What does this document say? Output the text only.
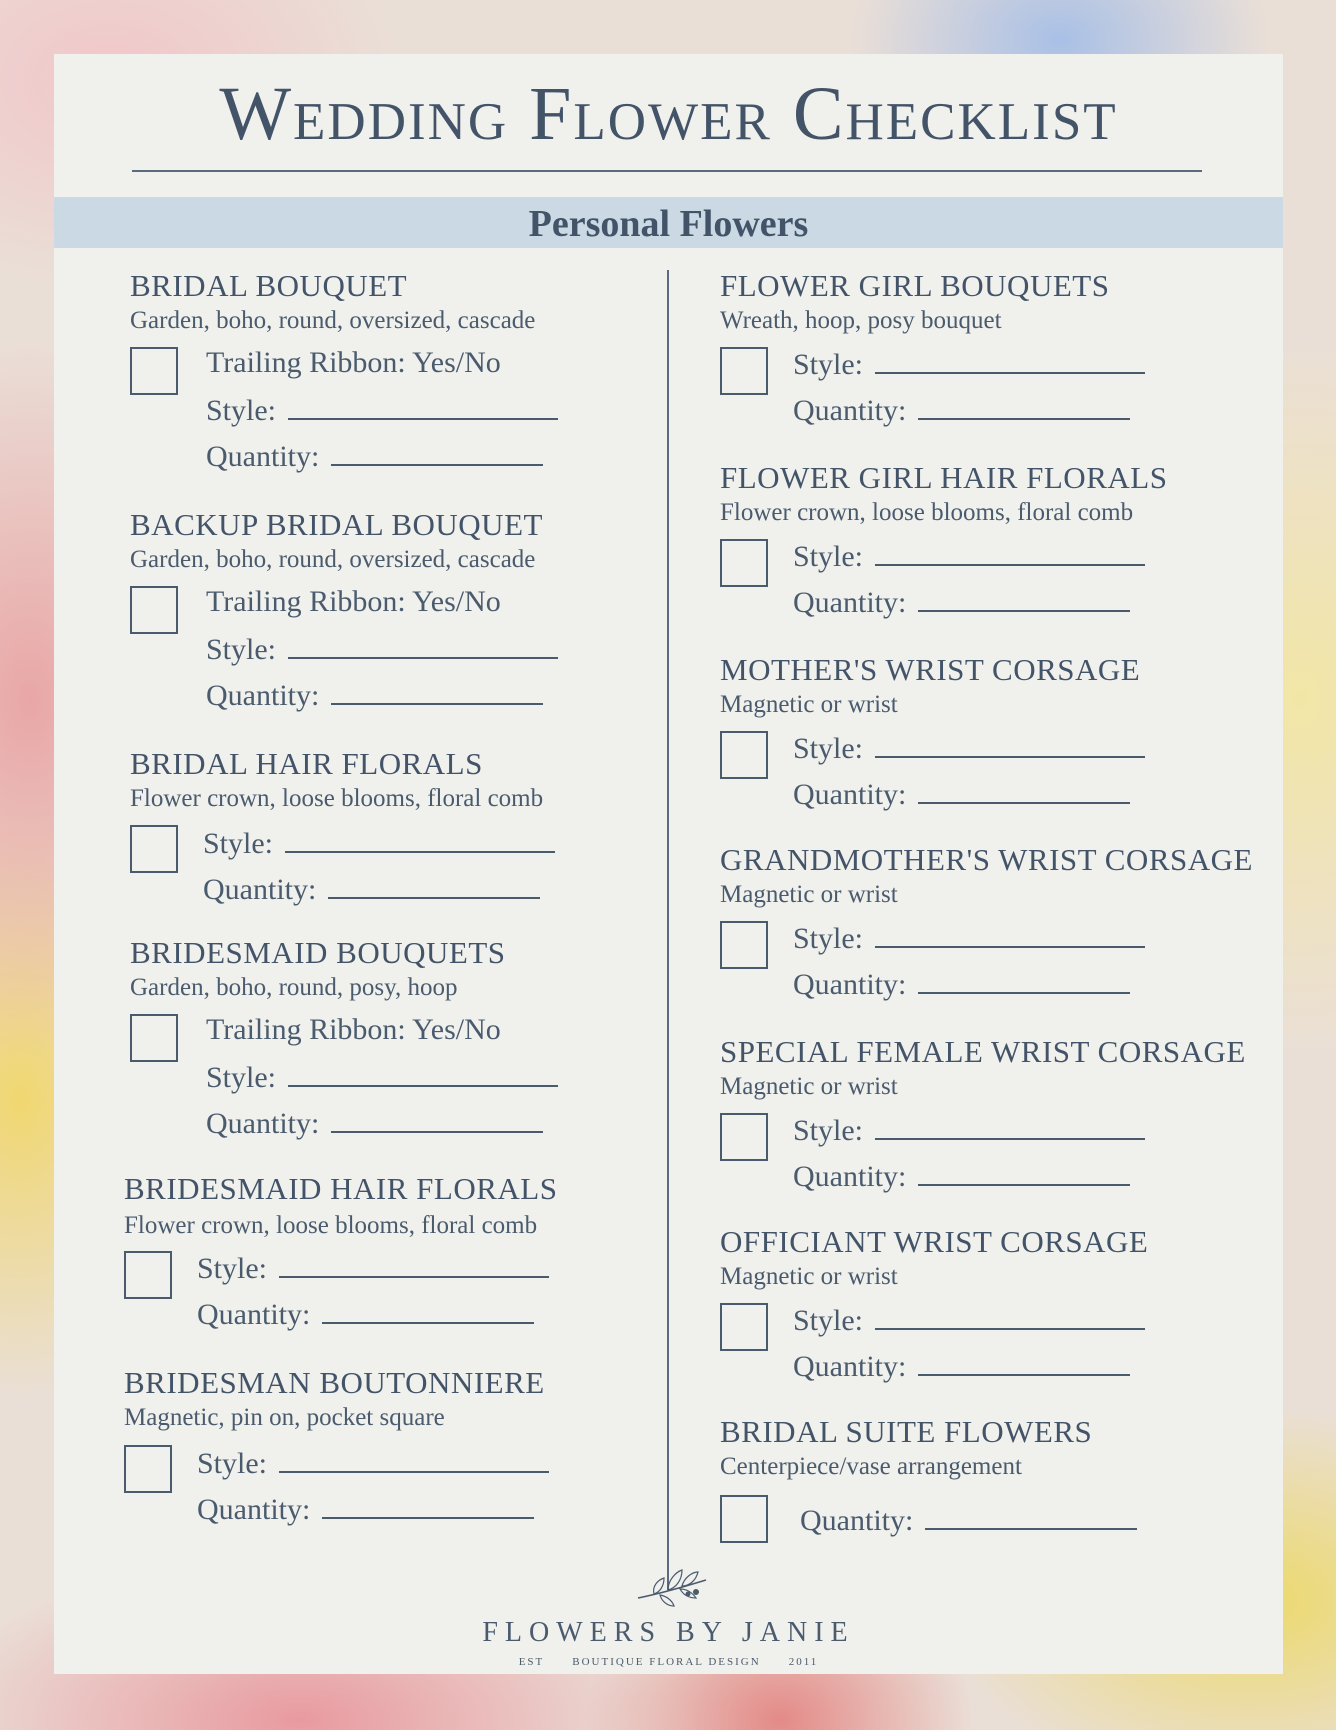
Wedding Flower Checklist
Personal Flowers
BRIDAL BOUQUET
Garden, boho, round, oversized, cascade
Trailing Ribbon: Yes/No
Style:
Quantity:
BACKUP BRIDAL BOUQUET
Garden, boho, round, oversized, cascade
Trailing Ribbon: Yes/No
Style:
Quantity:
BRIDAL HAIR FLORALS
Flower crown, loose blooms, floral comb
Style:
Quantity:
BRIDESMAID BOUQUETS
Garden, boho, round, posy, hoop
Trailing Ribbon: Yes/No
Style:
Quantity:
BRIDESMAID HAIR FLORALS
Flower crown, loose blooms, floral comb
Style:
Quantity:
BRIDESMAN BOUTONNIERE
Magnetic, pin on, pocket square
Style:
Quantity:
FLOWER GIRL BOUQUETS
Wreath, hoop, posy bouquet
Style:
Quantity:
FLOWER GIRL HAIR FLORALS
Flower crown, loose blooms, floral comb
Style:
Quantity:
MOTHER'S WRIST CORSAGE
Magnetic or wrist
Style:
Quantity:
GRANDMOTHER'S WRIST CORSAGE
Magnetic or wrist
Style:
Quantity:
SPECIAL FEMALE WRIST CORSAGE
Magnetic or wrist
Style:
Quantity:
OFFICIANT WRIST CORSAGE
Magnetic or wrist
Style:
Quantity:
BRIDAL SUITE FLOWERS
Centerpiece/vase arrangement
Quantity:
FLOWERS BY JANIE
EST	BOUTIQUE FLORAL DESIGN	2011
